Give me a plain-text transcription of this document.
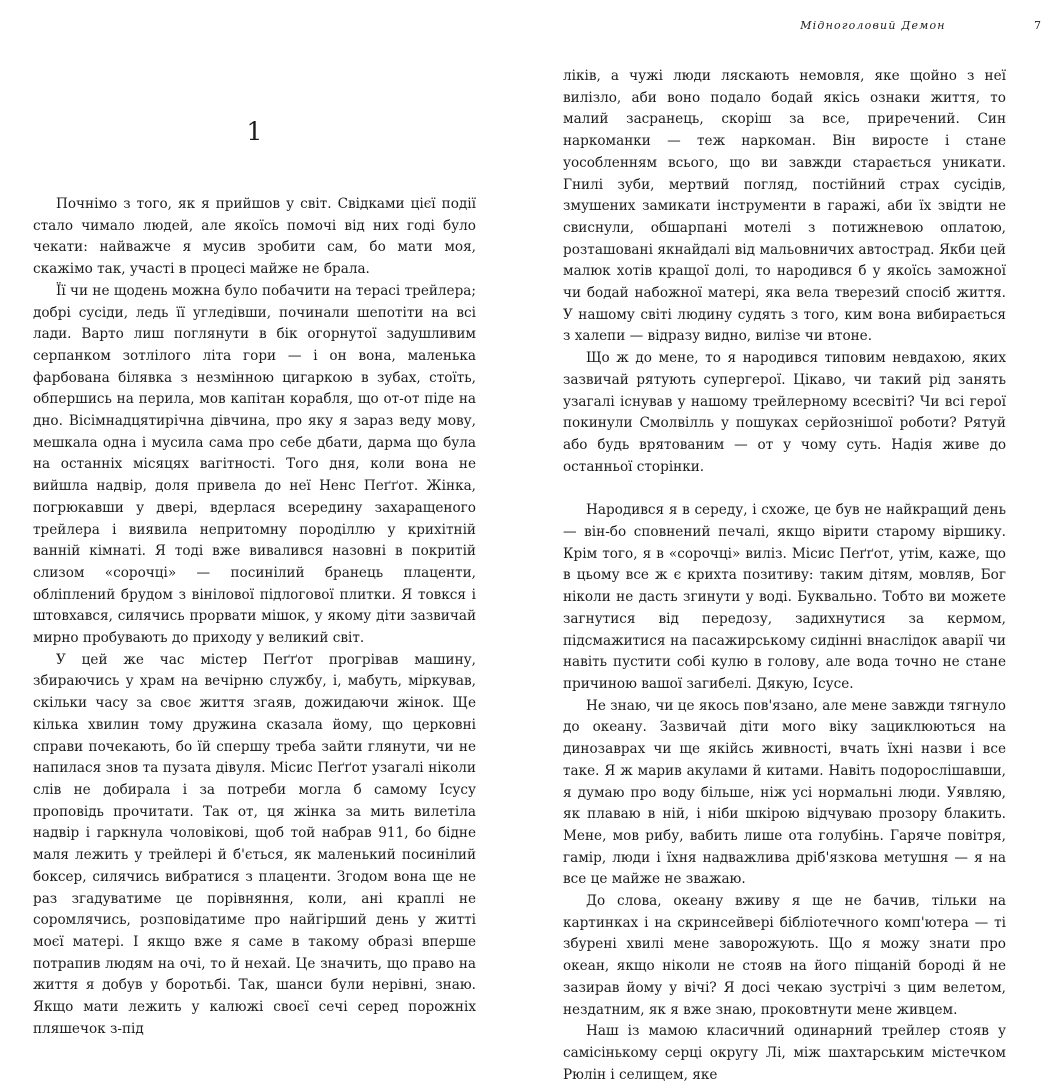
1

Почнімо з того, як я прийшов у світ. Свідками цієї події стало чимало людей, але якоїсь помочі від них годі було чекати: найважче я мусив зробити сам, бо мати моя, скажімо так, участі в процесі майже не брала.

Її чи не щодень можна було побачити на терасі трейлера; добрі сусіди, ледь її угледівши, починали шепотіти на всі лади. Варто лиш поглянути в бік огорнутої задушливим серпанком зотлілого літа гори — і он вона, маленька фарбована білявка з незмінною цигаркою в зубах, стоїть, обпершись на перила, мов капітан корабля, що от-от піде на дно. Вісімнадцятирічна дівчина, про яку я зараз веду мову, мешкала одна і мусила сама про себе дбати, дарма що була на останніх місяцях вагітності. Того дня, коли вона не вийшла надвір, доля привела до неї Ненс Пеґґот. Жінка, погрюкавши у двері, вдерлася всередину захаращеного трейлера і виявила непритомну породіллю у крихітній ванній кімнаті. Я тоді вже вивалився назовні в покритій слизом «сорочці» — посинілий бранець плаценти, обліплений брудом з вінілової підлогової плитки. Я товкся і штовхався, силячись прорвати мішок, у якому діти зазвичай мирно пробувають до приходу у великий світ.

У цей же час містер Пеґґот прогрівав машину, збираючись у храм на вечірню службу, і, мабуть, міркував, скільки часу за своє життя згаяв, дожидаючи жінок. Ще кілька хвилин тому дружина сказала йому, що церковні справи почекають, бо їй спершу треба зайти глянути, чи не напилася знов та пузата дівуля. Місис Пеґґот узагалі ніколи слів не добирала і за потреби могла б самому Ісусу проповідь прочитати. Так от, ця жінка за мить вилетіла надвір і гаркнула чоловікові, щоб той набрав 911, бо бідне маля лежить у трейлері й б'ється, як маленький посинілий боксер, силячись вибратися з плаценти. Згодом вона ще не раз згадуватиме це порівняння, коли, ані краплі не соромлячись, розповідатиме про найгірший день у житті моєї матері. І якщо вже я саме в такому образі вперше потрапив людям на очі, то й нехай. Це значить, що право на життя я добув у боротьбі. Так, шанси були нерівні, знаю. Якщо мати лежить у калюжі своєї сечі серед порожніх пляшечок з-під

Мідноголовий Демон	7

ліків, а чужі люди ляскають немовля, яке щойно з неї вилізло, аби воно подало бодай якісь ознаки життя, то малий засранець, скоріш за все, приречений. Син наркоманки — теж наркоман. Він виросте і стане уособленням всього, що ви завжди старається уникати. Гнилі зуби, мертвий погляд, постійний страх сусідів, змушених замикати інструменти в гаражі, аби їх звідти не свиснули, обшарпані мотелі з потижневою оплатою, розташовані якнайдалі від мальовничих автострад. Якби цей малюк хотів кращої долі, то народився б у якоїсь заможної чи бодай набожної матері, яка вела тверезий спосіб життя. У нашому світі людину судять з того, ким вона вибирається з халепи — відразу видно, вилізе чи втоне.

Що ж до мене, то я народився типовим невдахою, яких зазвичай рятують супергерої. Цікаво, чи такий рід занять узагалі існував у нашому трейлерному всесвіті? Чи всі герої покинули Смолвілль у пошуках серйознішої роботи? Рятуй або будь врятованим — от у чому суть. Надія живе до останньої сторінки.

Народився я в середу, і схоже, це був не найкращий день — він-бо сповнений печалі, якщо вірити старому віршику. Крім того, я в «сорочці» виліз. Місис Пеґґот, утім, каже, що в цьому все ж є крихта позитиву: таким дітям, мовляв, Бог ніколи не дасть згинути у воді. Буквально. Тобто ви можете загнутися від передозу, задихнутися за кермом, підсмажитися на пасажирському сидінні внаслідок аварії чи навіть пустити собі кулю в голову, але вода точно не стане причиною вашої загибелі. Дякую, Ісусе.

Не знаю, чи це якось пов'язано, але мене завжди тягнуло до океану. Зазвичай діти мого віку зациклюються на динозаврах чи ще якійсь живності, вчать їхні назви і все таке. Я ж марив акулами й китами. Навіть подорослішавши, я думаю про воду більше, ніж усі нормальні люди. Уявляю, як плаваю в ній, і ніби шкірою відчуваю прозору блакить. Мене, мов рибу, вабить лише ота голубінь. Гаряче повітря, гамір, люди і їхня надважлива дріб'язкова метушня — я на все це майже не зважаю.

До слова, океану вживу я ще не бачив, тільки на картинках і на скринсейвері бібліотечного комп'ютера — ті збурені хвилі мене заворожують. Що я можу знати про океан, якщо ніколи не стояв на його піщаній бороді й не зазирав йому у вічі? Я досі чекаю зустрічі з цим велетом, нездатним, як я вже знаю, проковтнути мене живцем.

Наш із мамою класичний одинарний трейлер стояв у самісінькому серці округу Лі, між шахтарським містечком Рюлін і селищем, яке
